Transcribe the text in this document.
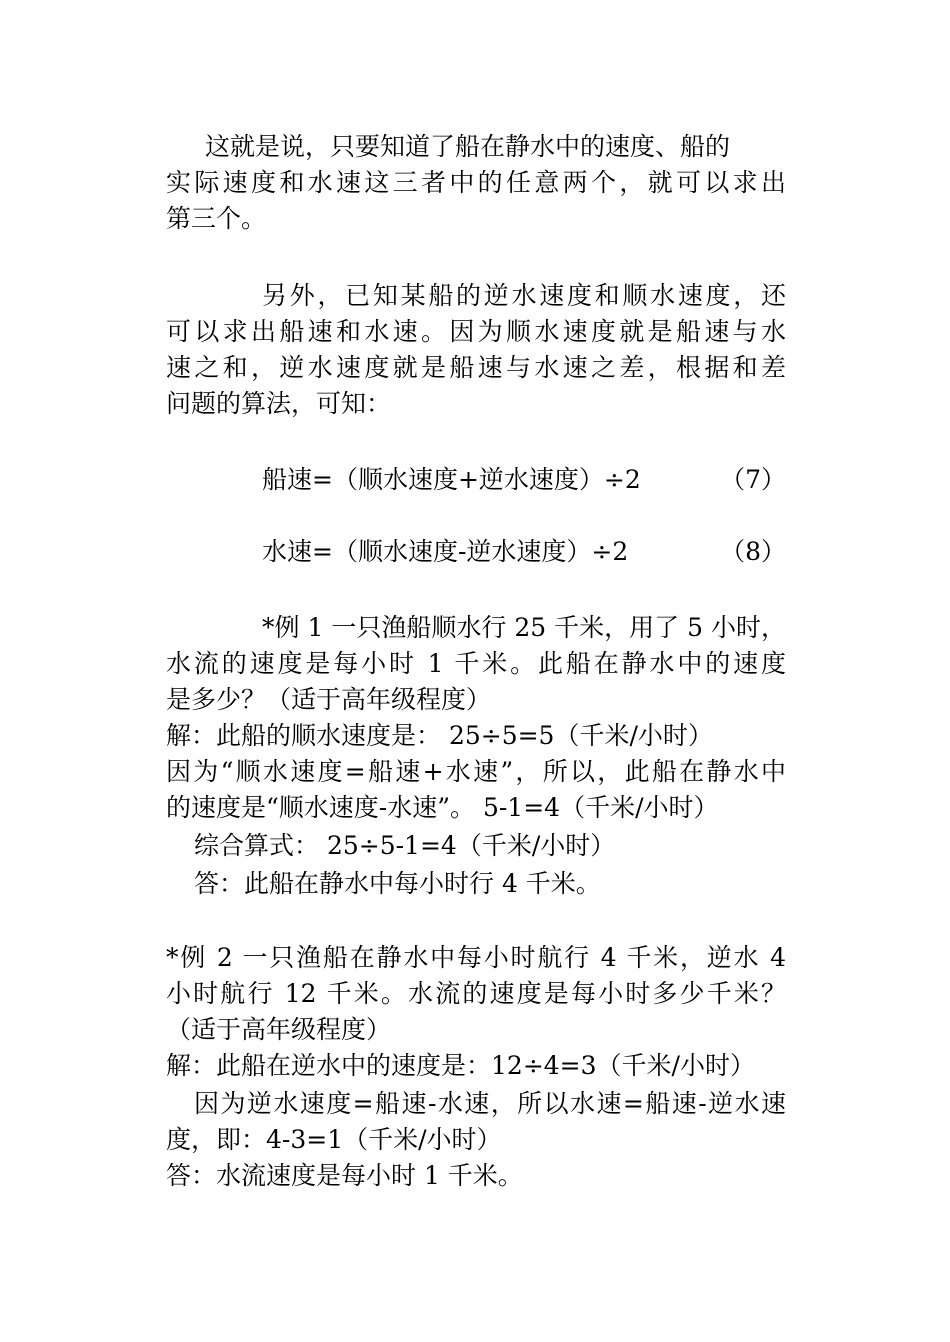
这就是说，只要知道了船在静水中的速度、船的
实际速度和水速这三者中的任意两个，就可以求出
第三个。
另外，已知某船的逆水速度和顺水速度，还
可以求出船速和水速。因为顺水速度就是船速与水
速之和，逆水速度就是船速与水速之差，根据和差
问题的算法，可知：
船速=（顺水速度+逆水速度）÷2	（7）
水速=（顺水速度-逆水速度）÷2	（8）
*例 1 一只渔船顺水行 25 千米，用了 5 小时，
水流的速度是每小时 1 千米。此船在静水中的速度
是多少？（适于高年级程度）
解：此船的顺水速度是： 25÷5=5（千米/小时）
因为“顺水速度=船速+水速”，所以，此船在静水中
的速度是“顺水速度-水速”。 5-1=4（千米/小时）
综合算式： 25÷5-1=4（千米/小时）
答：此船在静水中每小时行 4 千米。
*例 2 一只渔船在静水中每小时航行 4 千米，逆水 4
小时航行 12 千米。水流的速度是每小时多少千米？
（适于高年级程度）
解：此船在逆水中的速度是：12÷4=3（千米/小时）
因为逆水速度=船速-水速，所以水速=船速-逆水速
度，即：4-3=1（千米/小时）
答：水流速度是每小时 1 千米。
